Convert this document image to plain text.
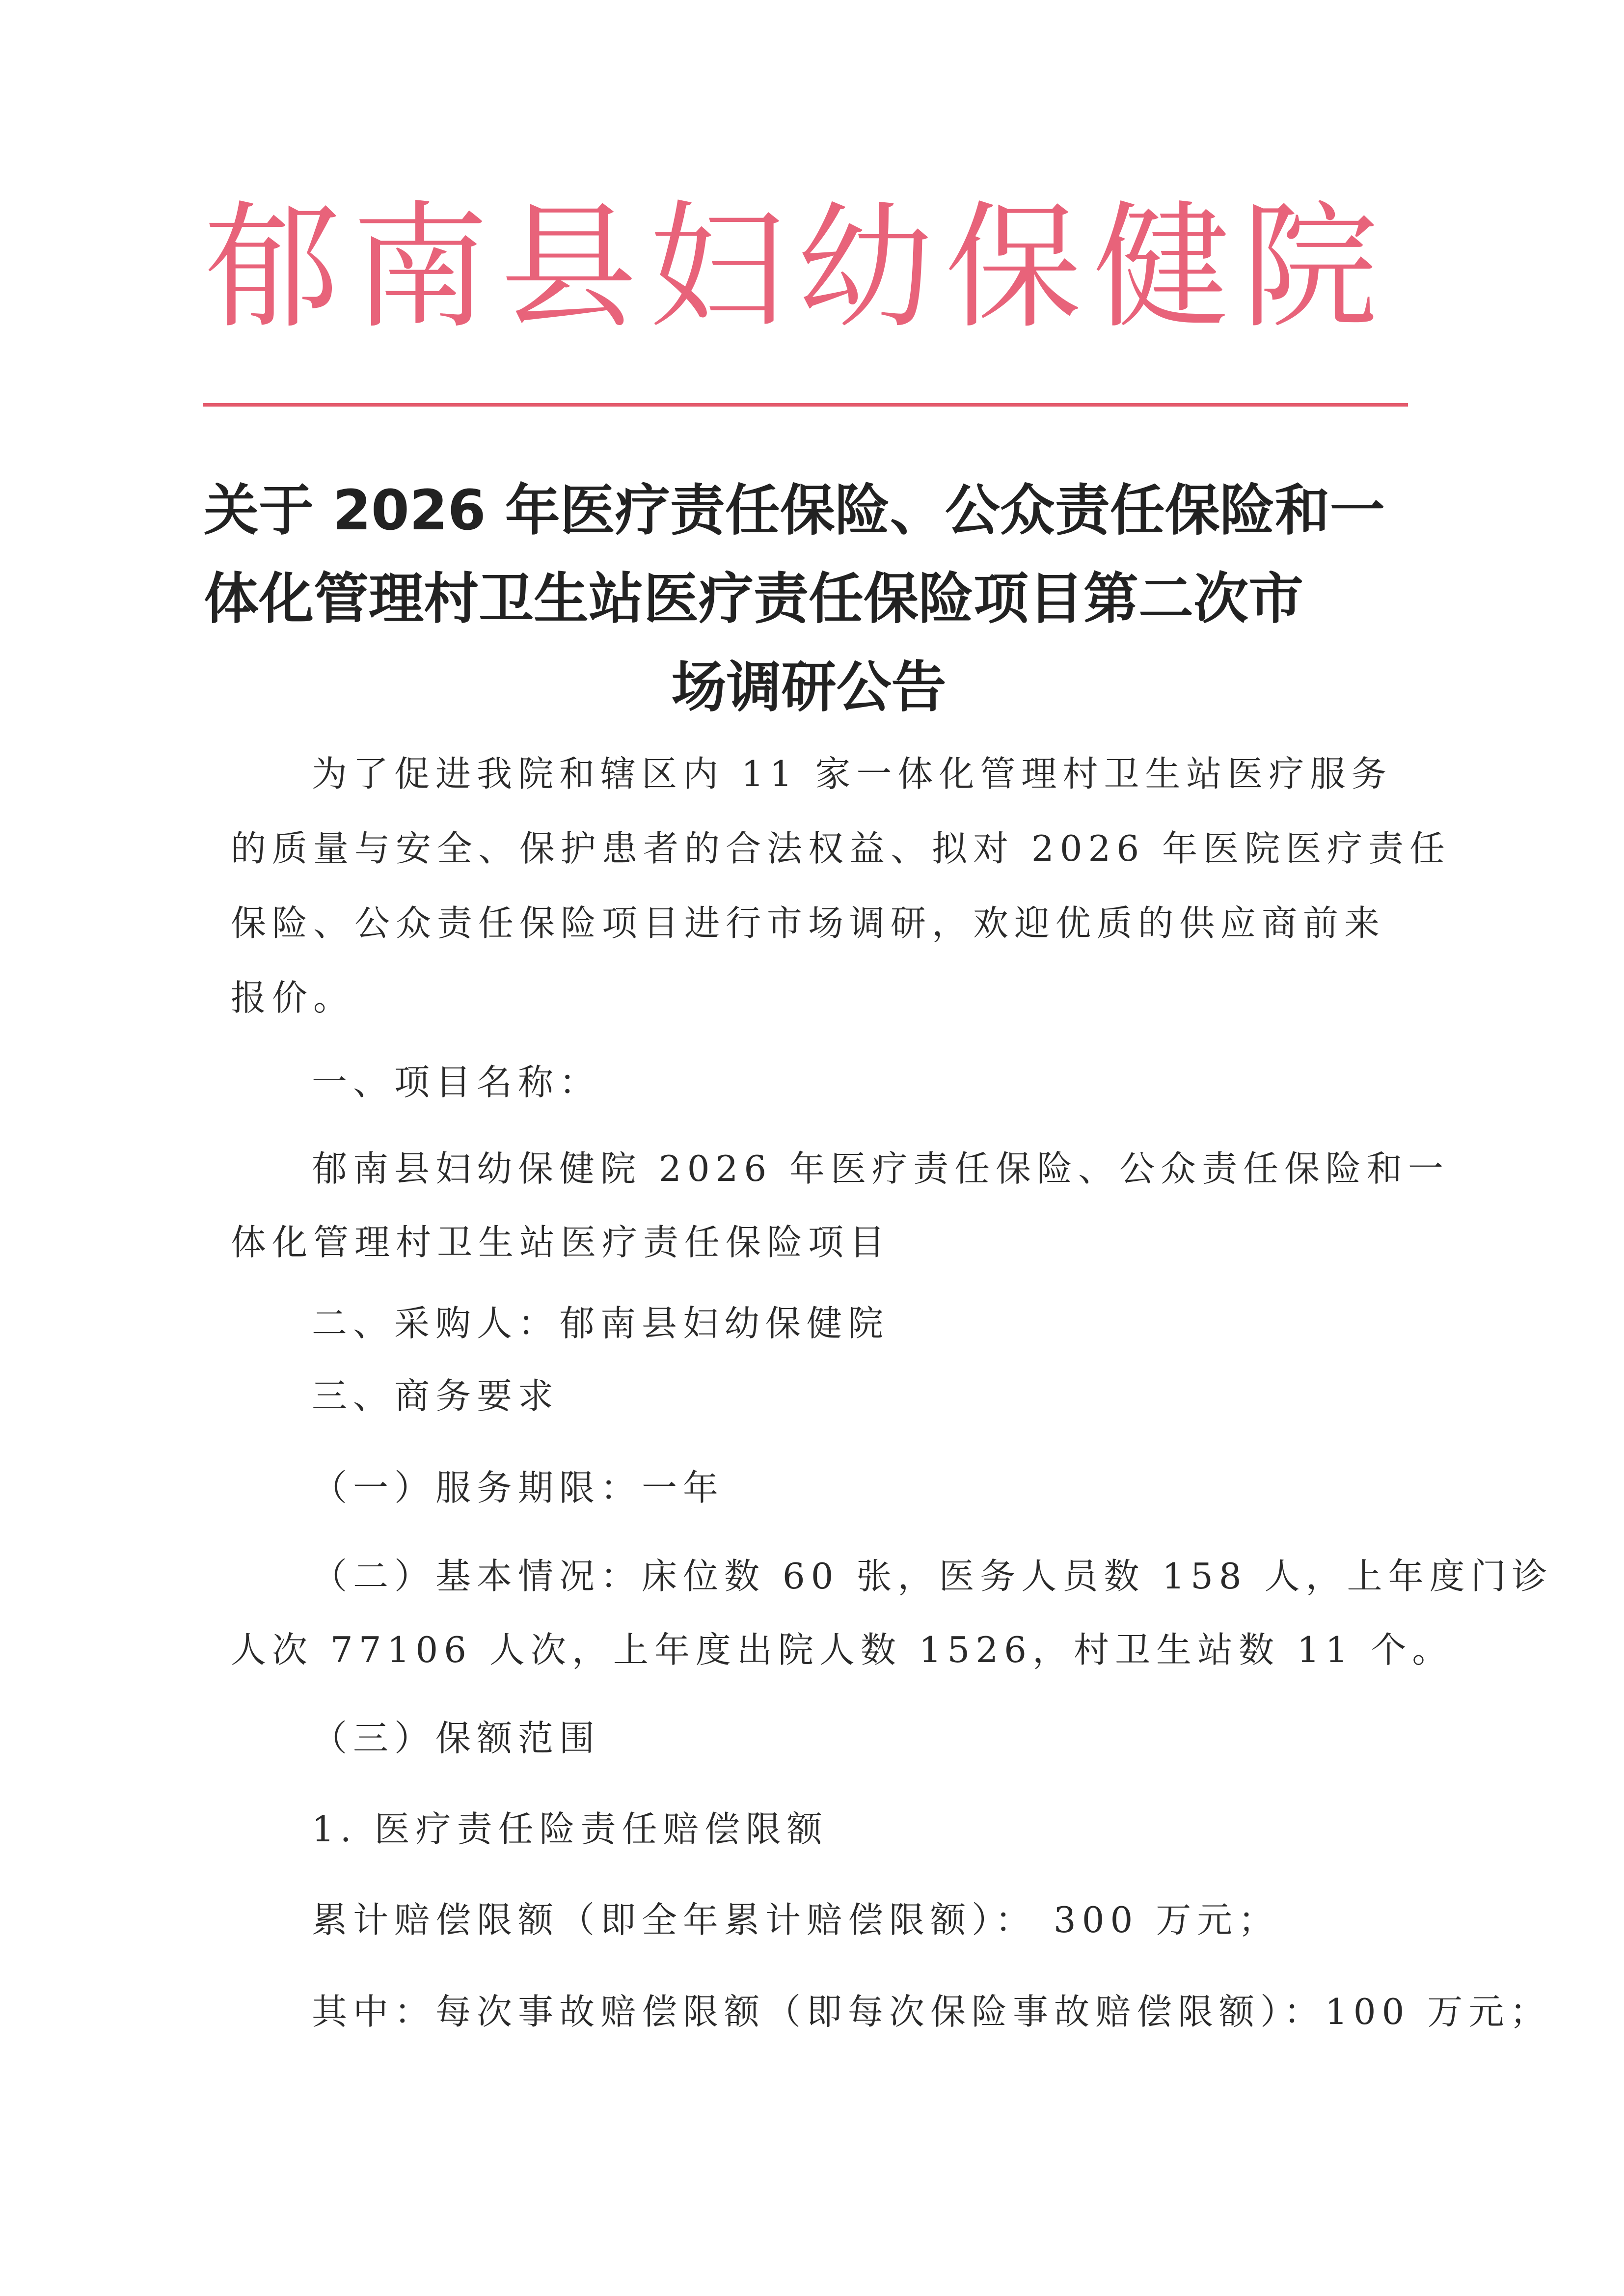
郁南县妇幼保健院
关于 2026 年医疗责任保险、公众责任保险和一
体化管理村卫生站医疗责任保险项目第二次市
场调研公告
为了促进我院和辖区内 11 家一体化管理村卫生站医疗服务
的质量与安全、保护患者的合法权益、拟对 2026 年医院医疗责任
保险、公众责任保险项目进行市场调研，欢迎优质的供应商前来
报价。
一、项目名称：
郁南县妇幼保健院 2026 年医疗责任保险、公众责任保险和一
体化管理村卫生站医疗责任保险项目
二、采购人：郁南县妇幼保健院
三、商务要求
（一）服务期限：一年
（二）基本情况：床位数 60 张，医务人员数 158 人，上年度门诊
人次 77106 人次，上年度出院人数 1526，村卫生站数 11 个。
（三）保额范围
1. 医疗责任险责任赔偿限额
累计赔偿限额（即全年累计赔偿限额）： 300 万元；
其中：每次事故赔偿限额（即每次保险事故赔偿限额）：100 万元；
